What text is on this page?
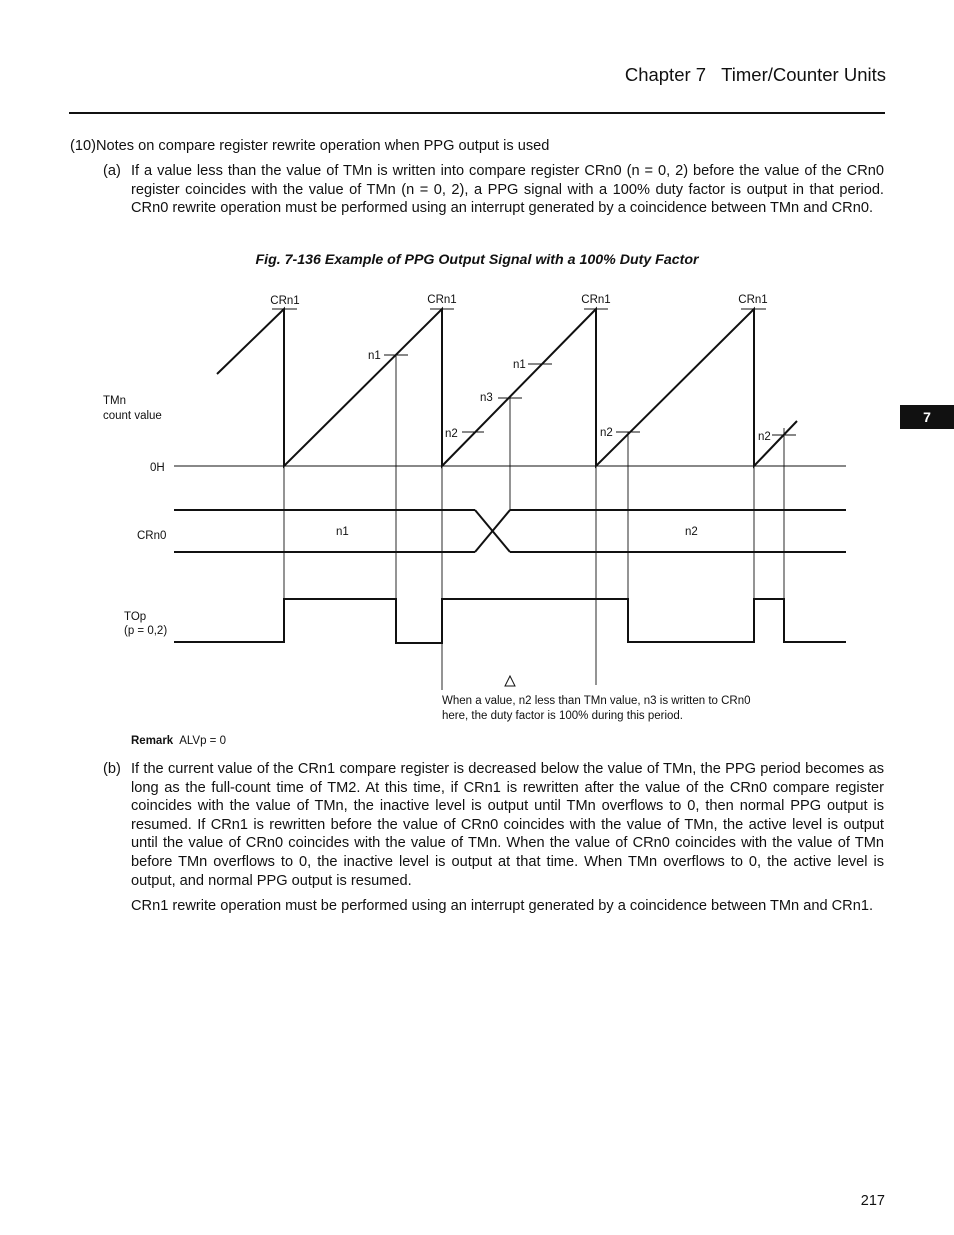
Chapter 7   Timer/Counter Units
7
(10)Notes on compare register rewrite operation when PPG output is used
(a) If a value less than the value of TMn is written into compare register CRn0 (n = 0, 2) before the value of the CRn0 register coincides with the value of TMn (n = 0, 2), a PPG signal with a 100% duty factor is output in that period. CRn0 rewrite operation must be performed using an interrupt generated by a coincidence between TMn and CRn0.
Fig. 7-136 Example of PPG Output Signal with a 100% Duty Factor
CRn1	CRn1	CRn1	CRn1
n1
n1
n3
n2	n2	n2
TMn
count value
0H
CRn0	n1	n2
TOp
(p = 0,2)
When a value, n2 less than TMn value, n3 is written to CRn0
here, the duty factor is 100% during this period.
Remark ALVp = 0
(b) If the current value of the CRn1 compare register is decreased below the value of TMn, the PPG period becomes as long as the full-count time of TM2. At this time, if CRn1 is rewritten after the value of the CRn0 compare register coincides with the value of TMn, the inactive level is output until TMn overflows to 0, then normal PPG output is resumed. If CRn1 is rewritten before the value of CRn0 coincides with the value of TMn, the active level is output until the value of CRn0 coincides with the value of TMn. When the value of CRn0 coincides with the value of TMn before TMn overflows to 0, the inactive level is output at that time. When TMn overflows to 0, the active level is output, and normal PPG output is resumed.
CRn1 rewrite operation must be performed using an interrupt generated by a coincidence between TMn and CRn1.
217
